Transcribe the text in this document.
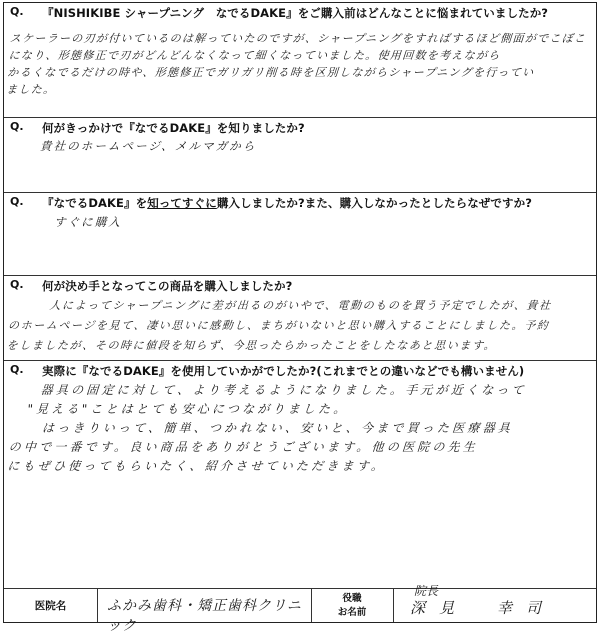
Q. 『NISHIKIBE シャープニング　なでるDAKE』をご購入前はどんなことに悩まれていましたか?
スケーラーの刃が付いているのは解っていたのですが、シャープニングをすればするほど側面がでこぼこ
になり、形態修正で刃がどんどんなくなって細くなっていました。使用回数を考えながら
かるくなでるだけの時や、形態修正でガリガリ削る時を区別しながらシャープニングを行ってい
ました。
Q. 何がきっかけで『なでるDAKE』を知りましたか?
貴社のホームページ、メルマガから
Q. 『なでるDAKE』を知ってすぐに購入しましたか?また、購入しなかったとしたらなぜですか?
すぐに購入
Q. 何が決め手となってこの商品を購入しましたか?
人によってシャープニングに差が出るのがいやで、電動のものを買う予定でしたが、貴社
のホームページを見て、凄い思いに感動し、まちがいないと思い購入することにしました。予約
をしましたが、その時に値段を知らず、今思ったらかったことをしたなあと思います。
Q. 実際に『なでるDAKE』を使用していかがでしたか?(これまでとの違いなどでも構いません)
器具の固定に対して、より考えるようになりました。手元が近くなって
"見える"ことはとても安心につながりました。
はっきりいって、簡単、つかれない、安いと、今まで買った医療器具
の中で一番です。良い商品をありがとうございます。他の医院の先生
にもぜひ使ってもらいたく、紹介させていただきます。
医院名	ふかみ歯科・矯正歯科クリニック
役職
お名前
院長
深見　幸司
